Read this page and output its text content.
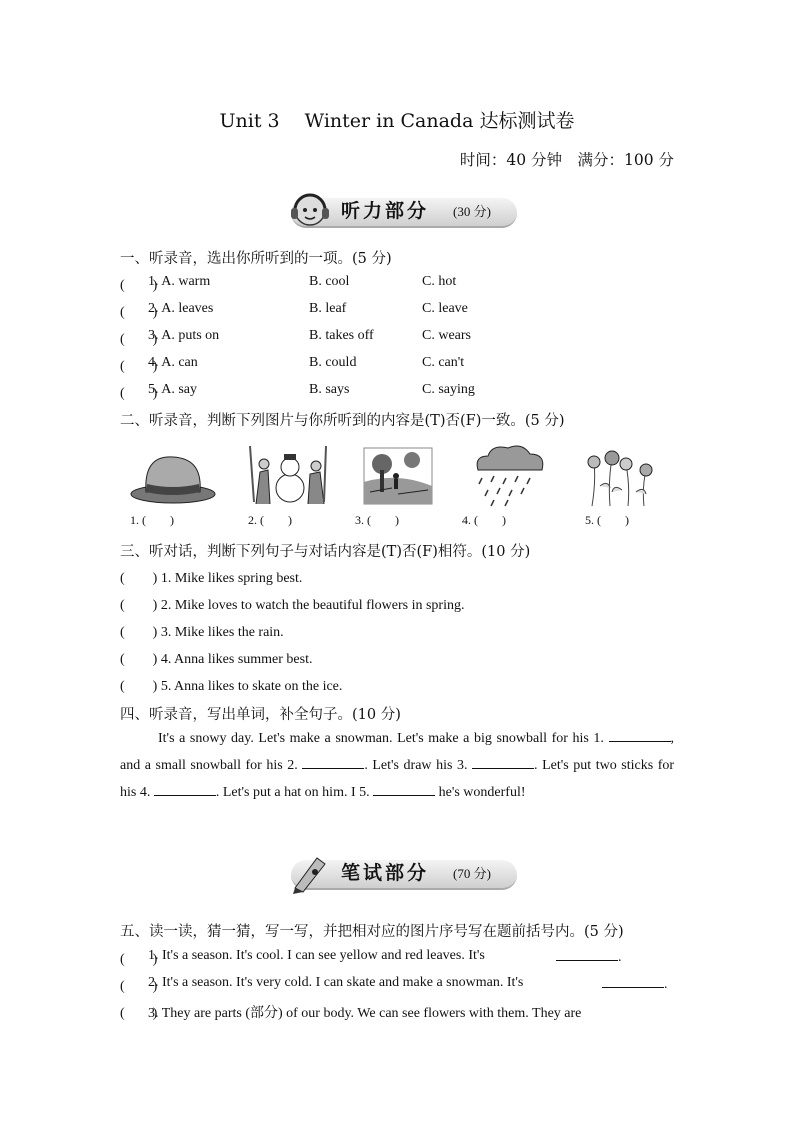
Unit 3 　Winter in Canada 达标测试卷
时间：40 分钟　满分：100 分
听力部分 (30 分)
一、听录音，选出你所听到的一项。(5 分)
(　　)
1. A. warm	B. cool	C. hot
(　　)
2. A. leaves	B. leaf	C. leave
(　　)
3. A. puts on	B. takes off	C. wears
(　　)
4. A. can	B. could	C. can't
(　　)
5. A. say	B. says	C. saying
二、听录音，判断下列图片与你所听到的内容是(T)否(F)一致。(5 分)
1. (　　)	2. (　　)	3. (　　)	4. (　　)	5. (　　)
三、听对话，判断下列句子与对话内容是(T)否(F)相符。(10 分)
(　　) 1. Mike likes spring best.
(　　) 2. Mike loves to watch the beautiful flowers in spring.
(　　) 3. Mike likes the rain.
(　　) 4. Anna likes summer best.
(　　) 5. Anna likes to skate on the ice.
四、听录音，写出单词，补全句子。(10 分)
It's a snowy day. Let's make a snowman. Let's make a big snowball for his 1.	, and a small snowball for his 2.	. Let's draw his 3.	. Let's put two sticks for his 4.	. Let's put a hat on him. I 5.	he's wonderful!
笔试部分 (70 分)
五、读一读，猜一猜，写一写，并把相对应的图片序号写在题前括号内。(5 分)
(　　)
1. It's a season. It's cool. I can see yellow and red leaves. It's	.
(　　)
2. It's a season. It's very cold. I can skate and make a snowman. It's	.
(　　)
3. They are parts (部分) of our body. We can see flowers with them. They are
